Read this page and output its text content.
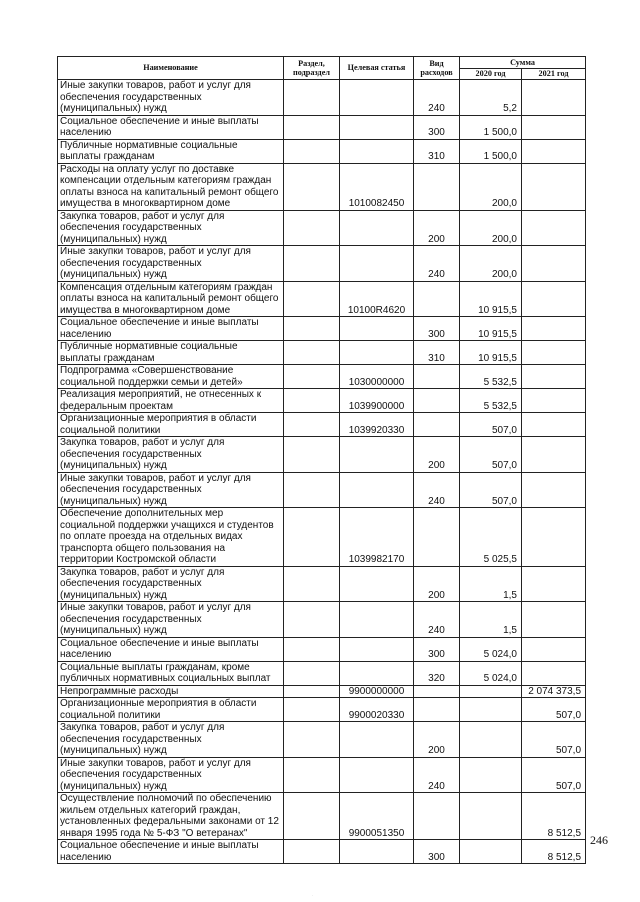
Наименование	Раздел, подраздел	Целевая статья	Вид расходов	Сумма	
				2020 год	2021 год
Иные закупки товаров, работ и услуг для обеспечения государственных (муниципальных) нужд			240	5,2	
Социальное обеспечение и иные выплаты населению			300	1 500,0	
Публичные нормативные социальные выплаты гражданам			310	1 500,0	
Расходы на оплату услуг по доставке компенсации отдельным категориям граждан оплаты взноса на капитальный ремонт общего имущества в многоквартирном доме		1010082450		200,0	
Закупка товаров, работ и услуг для обеспечения государственных (муниципальных) нужд			200	200,0	
Иные закупки товаров, работ и услуг для обеспечения государственных (муниципальных) нужд			240	200,0	
Компенсация отдельным категориям граждан оплаты взноса на капитальный ремонт общего имущества в многоквартирном доме		10100R4620		10 915,5	
Социальное обеспечение и иные выплаты населению			300	10 915,5	
Публичные нормативные социальные выплаты гражданам			310	10 915,5	
Подпрограмма «Совершенствование социальной поддержки семьи и детей»		1030000000		5 532,5	
Реализация мероприятий, не отнесенных к федеральным проектам		1039900000		5 532,5	
Организационные мероприятия в области социальной политики		1039920330		507,0	
Закупка товаров, работ и услуг для обеспечения государственных (муниципальных) нужд			200	507,0	
Иные закупки товаров, работ и услуг для обеспечения государственных (муниципальных) нужд			240	507,0	
Обеспечение дополнительных мер социальной поддержки учащихся и студентов по оплате проезда на отдельных видах транспорта общего пользования на территории Костромской области		1039982170		5 025,5	
Закупка товаров, работ и услуг для обеспечения государственных (муниципальных) нужд			200	1,5	
Иные закупки товаров, работ и услуг для обеспечения государственных (муниципальных) нужд			240	1,5	
Социальное обеспечение и иные выплаты населению			300	5 024,0	
Социальные выплаты гражданам, кроме публичных нормативных социальных выплат			320	5 024,0	
Непрограммные расходы		9900000000			2 074 373,5
Организационные мероприятия в области социальной политики		9900020330			507,0
Закупка товаров, работ и услуг для обеспечения государственных (муниципальных) нужд			200		507,0
Иные закупки товаров, работ и услуг для обеспечения государственных (муниципальных) нужд			240		507,0
Осуществление полномочий по обеспечению жильем отдельных категорий граждан, установленных федеральными законами от 12 января 1995 года № 5-ФЗ "О ветеранах"		9900051350			8 512,5
Социальное обеспечение и иные выплаты населению			300		8 512,5
246
·
